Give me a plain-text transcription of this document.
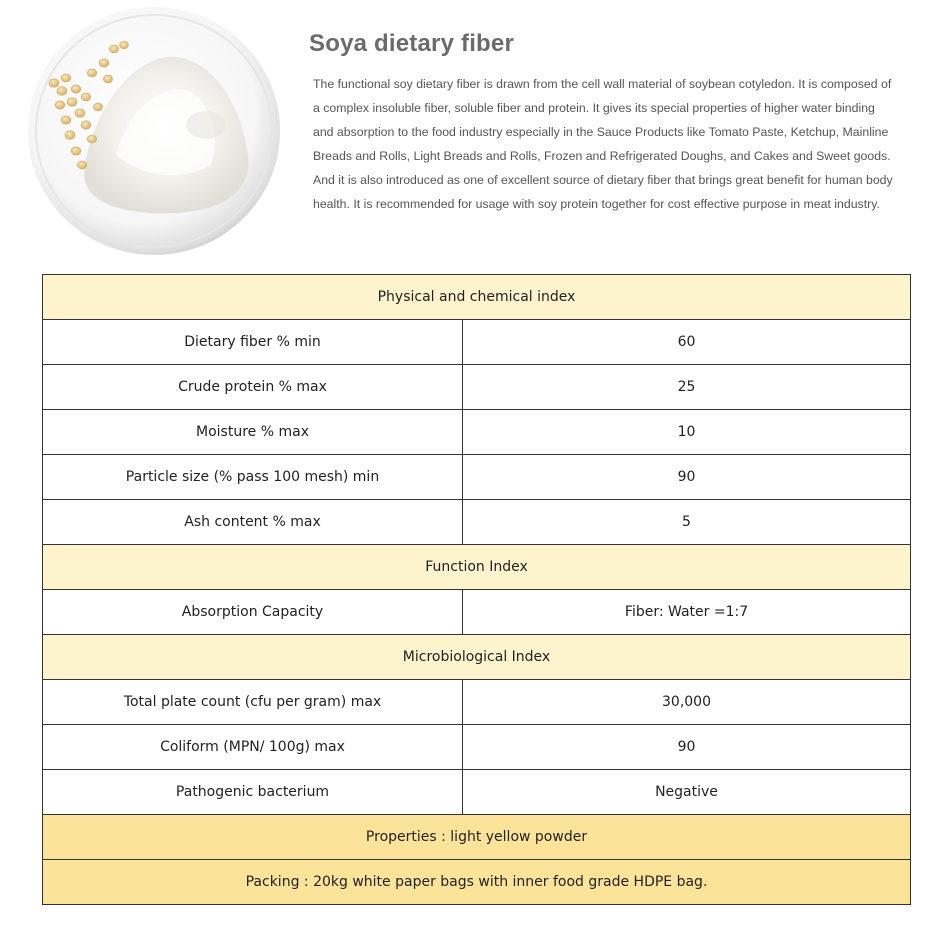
Soya dietary fiber

The functional soy dietary fiber is drawn from the cell wall material of soybean cotyledon. It is composed of a complex insoluble fiber, soluble fiber and protein. It gives its special properties of higher water binding and absorption to the food industry especially in the Sauce Products like Tomato Paste, Ketchup, Mainline Breads and Rolls, Light Breads and Rolls, Frozen and Refrigerated Doughs, and Cakes and Sweet goods. And it is also introduced as one of excellent source of dietary fiber that brings great benefit for human body health. It is recommended for usage with soy protein together for cost effective purpose in meat industry.

Physical and chemical index	
Dietary fiber % min	60
Crude protein % max	25
Moisture % max	10
Particle size (% pass 100 mesh) min	90
Ash content % max	5
Function Index	
Absorption Capacity	Fiber: Water =1:7
Microbiological Index	
Total plate count (cfu per gram) max	30,000
Coliform (MPN/ 100g) max	90
Pathogenic bacterium	Negative
Properties : light yellow powder	
Packing : 20kg white paper bags with inner food grade HDPE bag.	
